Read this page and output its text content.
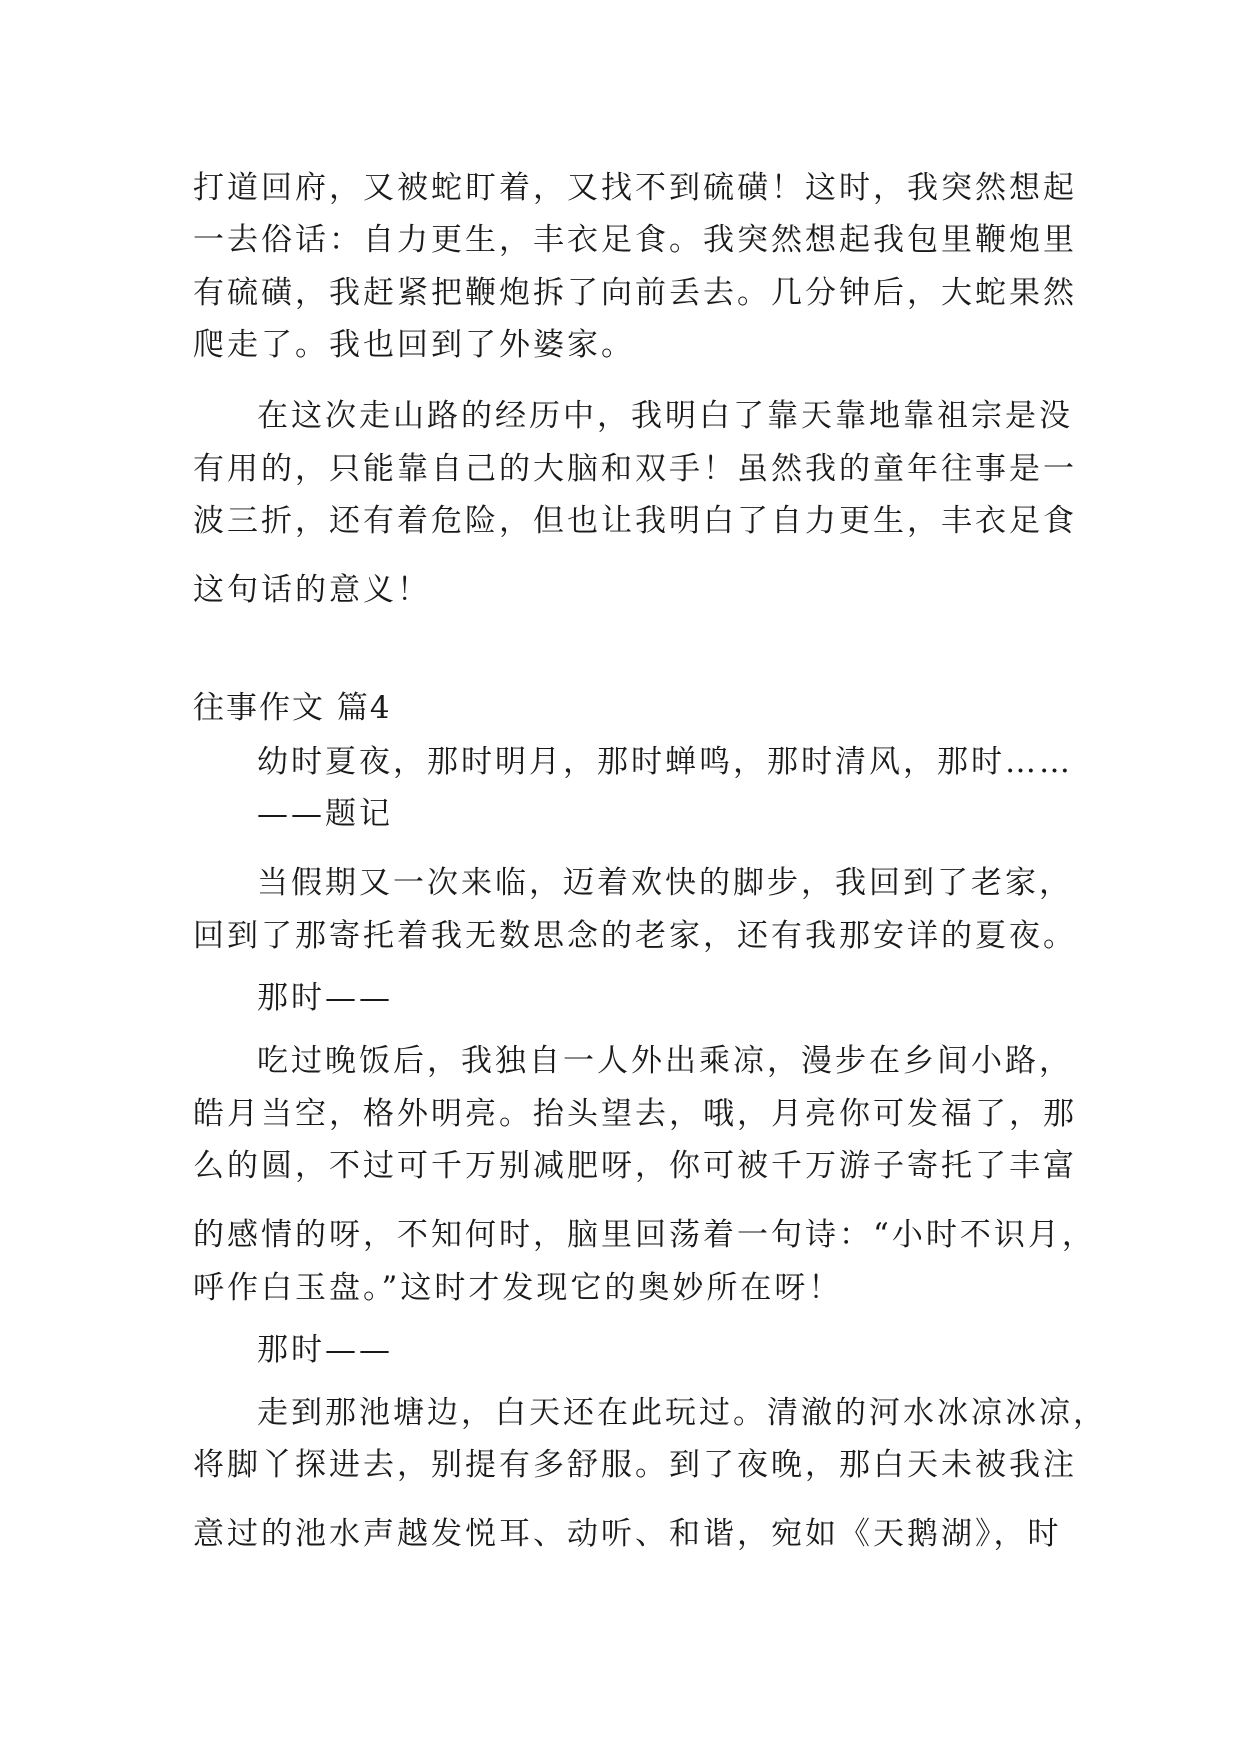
打道回府，又被蛇盯着，又找不到硫磺！这时，我突然想起
一去俗话：自力更生，丰衣足食。我突然想起我包里鞭炮里
有硫磺，我赶紧把鞭炮拆了向前丢去。几分钟后，大蛇果然
爬走了。我也回到了外婆家。
在这次走山路的经历中，我明白了靠天靠地靠祖宗是没
有用的，只能靠自己的大脑和双手！虽然我的童年往事是一
波三折，还有着危险，但也让我明白了自力更生，丰衣足食
这句话的意义！
往事作文 篇4
幼时夏夜，那时明月，那时蝉鸣，那时清风，那时……
——题记
当假期又一次来临，迈着欢快的脚步，我回到了老家，
回到了那寄托着我无数思念的老家，还有我那安详的夏夜。
那时——
吃过晚饭后，我独自一人外出乘凉，漫步在乡间小路，
皓月当空，格外明亮。抬头望去，哦，月亮你可发福了，那
么的圆，不过可千万别减肥呀，你可被千万游子寄托了丰富
的感情的呀，不知何时，脑里回荡着一句诗：“小时不识月，
呼作白玉盘。”这时才发现它的奥妙所在呀！
那时——
走到那池塘边，白天还在此玩过。清澈的河水冰凉冰凉，
将脚丫探进去，别提有多舒服。到了夜晚，那白天未被我注
意过的池水声越发悦耳、动听、和谐，宛如《天鹅湖》，时
